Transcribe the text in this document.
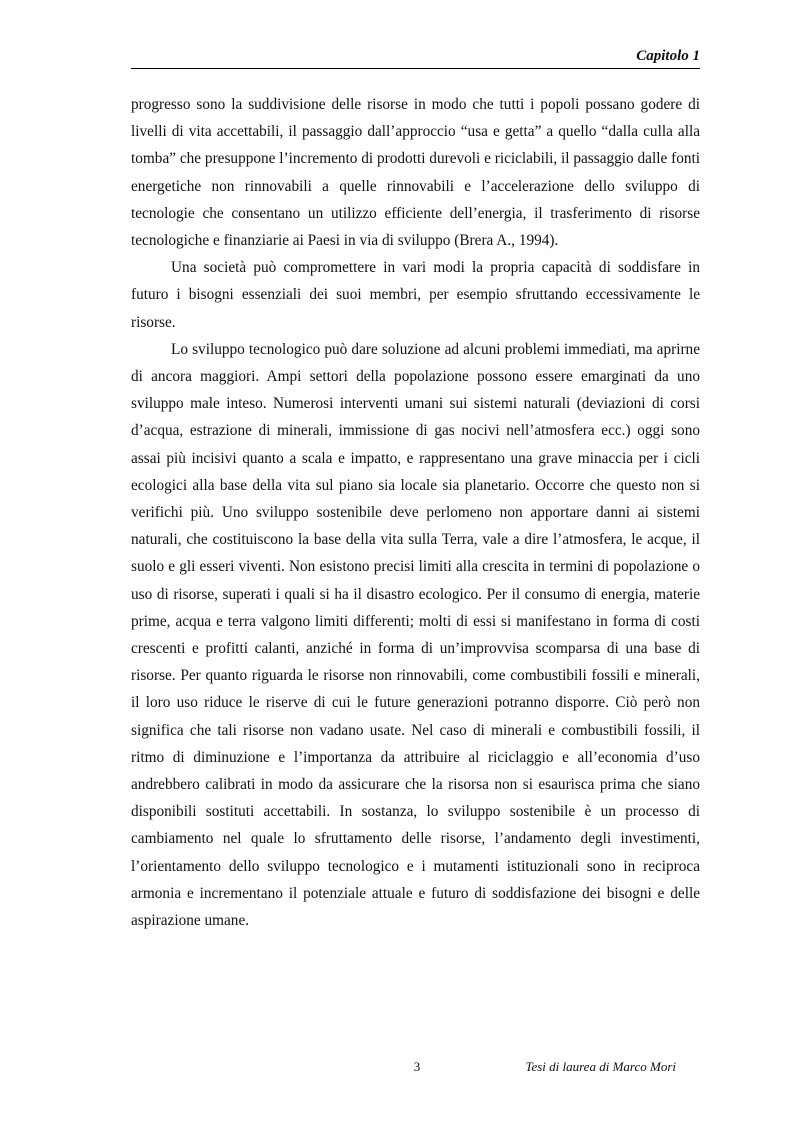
Capitolo 1

progresso sono la suddivisione delle risorse in modo che tutti i popoli possano godere di livelli di vita accettabili, il passaggio dall’approccio “usa e getta” a quello “dalla culla alla tomba” che presuppone l’incremento di prodotti durevoli e riciclabili, il passaggio dalle fonti energetiche non rinnovabili a quelle rinnovabili e l’accelerazione dello sviluppo di tecnologie che consentano un utilizzo efficiente dell’energia, il trasferimento di risorse tecnologiche e finanziarie ai Paesi in via di sviluppo (Brera A., 1994).

Una società può compromettere in vari modi la propria capacità di soddisfare in futuro i bisogni essenziali dei suoi membri, per esempio sfruttando eccessivamente le risorse.

Lo sviluppo tecnologico può dare soluzione ad alcuni problemi immediati, ma aprirne di ancora maggiori. Ampi settori della popolazione possono essere emarginati da uno sviluppo male inteso. Numerosi interventi umani sui sistemi naturali (deviazioni di corsi d’acqua, estrazione di minerali, immissione di gas nocivi nell’atmosfera ecc.) oggi sono assai più incisivi quanto a scala e impatto, e rappresentano una grave minaccia per i cicli ecologici alla base della vita sul piano sia locale sia planetario. Occorre che questo non si verifichi più. Uno sviluppo sostenibile deve perlomeno non apportare danni ai sistemi naturali, che costituiscono la base della vita sulla Terra, vale a dire l’atmosfera, le acque, il suolo e gli esseri viventi. Non esistono precisi limiti alla crescita in termini di popolazione o uso di risorse, superati i quali si ha il disastro ecologico. Per il consumo di energia, materie prime, acqua e terra valgono limiti differenti; molti di essi si manifestano in forma di costi crescenti e profitti calanti, anziché in forma di un’improvvisa scomparsa di una base di risorse. Per quanto riguarda le risorse non rinnovabili, come combustibili fossili e minerali, il loro uso riduce le riserve di cui le future generazioni potranno disporre. Ciò però non significa che tali risorse non vadano usate. Nel caso di minerali e combustibili fossili, il ritmo di diminuzione e l’importanza da attribuire al riciclaggio e all’economia d’uso andrebbero calibrati in modo da assicurare che la risorsa non si esaurisca prima che siano disponibili sostituti accettabili. In sostanza, lo sviluppo sostenibile è un processo di cambiamento nel quale lo sfruttamento delle risorse, l’andamento degli investimenti, l’orientamento dello sviluppo tecnologico e i mutamenti istituzionali sono in reciproca armonia e incrementano il potenziale attuale e futuro di soddisfazione dei bisogni e delle aspirazione umane.

3	Tesi di laurea di Marco Mori
